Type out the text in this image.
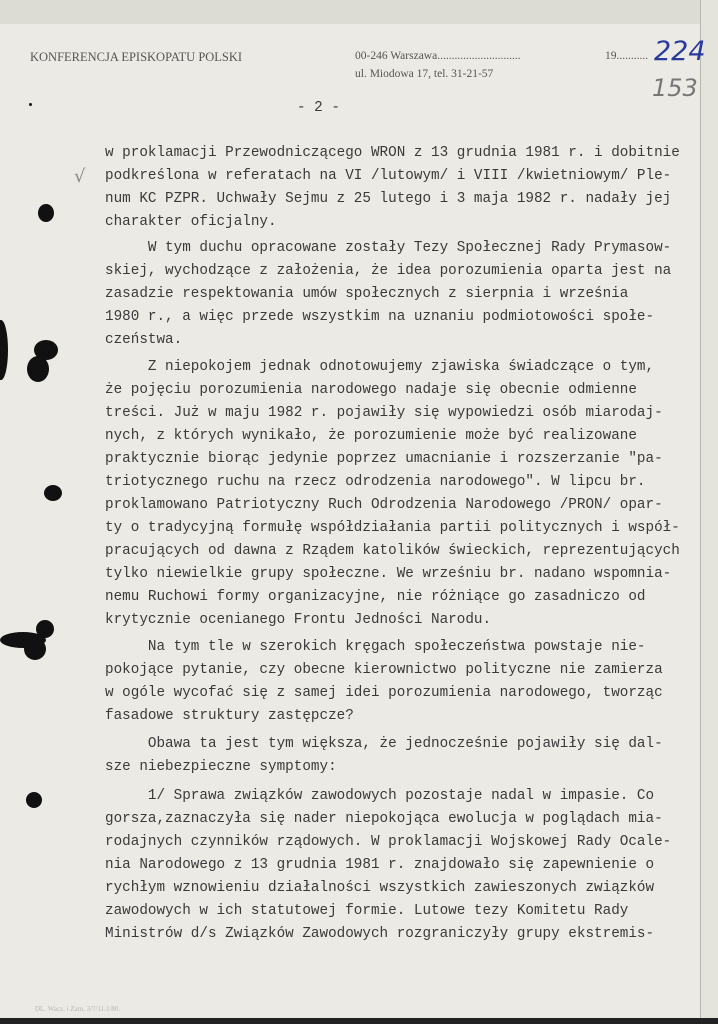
KONFERENCJA EPISKOPATU POLSKI	00-246 Warszawa.............................	19...........
ul. Miodowa 17, tel. 31-21-57
224
153
√
- 2 -
w proklamacji Przewodniczącego WRON z 13 grudnia 1981 r. i dobitnie
podkreślona w referatach na VI /lutowym/ i VIII /kwietniowym/ Ple-
num KC PZPR. Uchwały Sejmu z 25 lutego i 3 maja 1982 r. nadały jej
charakter oficjalny.
W tym duchu opracowane zostały Tezy Społecznej Rady Prymasow-
skiej, wychodzące z założenia, że idea porozumienia oparta jest na
zasadzie respektowania umów społecznych z sierpnia i września
1980 r., a więc przede wszystkim na uznaniu podmiotowości społe-
czeństwa.
Z niepokojem jednak odnotowujemy zjawiska świadczące o tym,
że pojęciu porozumienia narodowego nadaje się obecnie odmienne
treści. Już w maju 1982 r. pojawiły się wypowiedzi osób miarodaj-
nych, z których wynikało, że porozumienie może być realizowane
praktycznie biorąc jedynie poprzez umacnianie i rozszerzanie "pa-
triotycznego ruchu na rzecz odrodzenia narodowego". W lipcu br.
proklamowano Patriotyczny Ruch Odrodzenia Narodowego /PRON/ opar-
ty o tradycyjną formułę współdziałania partii politycznych i współ-
pracujących od dawna z Rządem katolików świeckich, reprezentujących
tylko niewielkie grupy społeczne. We wrześniu br. nadano wspomnia-
nemu Ruchowi formy organizacyjne, nie różniące go zasadniczo od
krytycznie ocenianego Frontu Jedności Narodu.
Na tym tle w szerokich kręgach społeczeństwa powstaje nie-
pokojące pytanie, czy obecne kierownictwo polityczne nie zamierza
w ogóle wycofać się z samej idei porozumienia narodowego, tworząc
fasadowe struktury zastępcze?
Obawa ta jest tym większa, że jednocześnie pojawiły się dal-
sze niebezpieczne symptomy:
1/ Sprawa związków zawodowych pozostaje nadal w impasie. Co
gorsza,zaznaczyła się nader niepokojąca ewolucja w poglądach mia-
rodajnych czynników rządowych. W proklamacji Wojskowej Rady Ocale-
nia Narodowego z 13 grudnia 1981 r. znajdowało się zapewnienie o
rychłym wznowieniu działalności wszystkich zawieszonych związków
zawodowych w ich statutowej formie. Lutowe tezy Komitetu Rady
Ministrów d/s Związków Zawodowych rozgraniczyły grupy ekstremis-
DL. Wacz. i Zam. 3/7/11.1/80.
